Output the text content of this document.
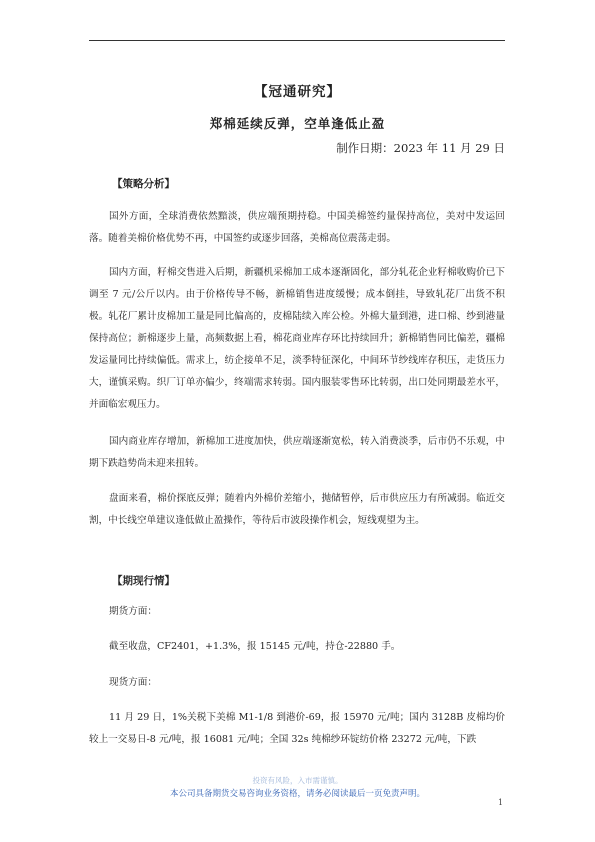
【冠通研究】
郑棉延续反弹，空单逢低止盈
制作日期：2023 年 11 月 29 日
【策略分析】

国外方面，全球消费依然黯淡，供应端预期持稳。中国美棉签约量保持高位，美对中发运回落。随着美棉价格优势不再，中国签约或逐步回落，美棉高位震荡走弱。

国内方面，籽棉交售进入后期，新疆机采棉加工成本逐渐固化，部分轧花企业籽棉收购价已下调至 7 元/公斤以内。由于价格传导不畅，新棉销售进度缓慢；成本倒挂，导致轧花厂出货不积极。轧花厂累计皮棉加工量是同比偏高的，皮棉陆续入库公检。外棉大量到港，进口棉、纱到港量保持高位；新棉逐步上量，高频数据上看，棉花商业库存环比持续回升；新棉销售同比偏差，疆棉发运量同比持续偏低。需求上，纺企接单不足，淡季特征深化，中间环节纱线库存积压，走货压力大，谨慎采购。织厂订单亦偏少，终端需求转弱。国内服装零售环比转弱，出口处同期最差水平，并面临宏观压力。

国内商业库存增加，新棉加工进度加快，供应端逐渐宽松，转入消费淡季，后市仍不乐观，中期下跌趋势尚未迎来扭转。

盘面来看，棉价探底反弹；随着内外棉价差缩小，抛储暂停，后市供应压力有所减弱。临近交割，中长线空单建议逢低做止盈操作，等待后市波段操作机会，短线观望为主。

【期现行情】

期货方面：

截至收盘，CF2401，+1.3%，报 15145 元/吨，持仓-22880 手。

现货方面：

11 月 29 日，1%关税下美棉 M1-1/8 到港价-69，报 15970 元/吨；国内 3128B 皮棉均价较上一交易日-8 元/吨，报 16081 元/吨；全国 32s 纯棉纱环锭纺价格 23272 元/吨，下跌

投资有风险，入市需谨慎。
本公司具备期货交易咨询业务资格，请务必阅读最后一页免责声明。
1
